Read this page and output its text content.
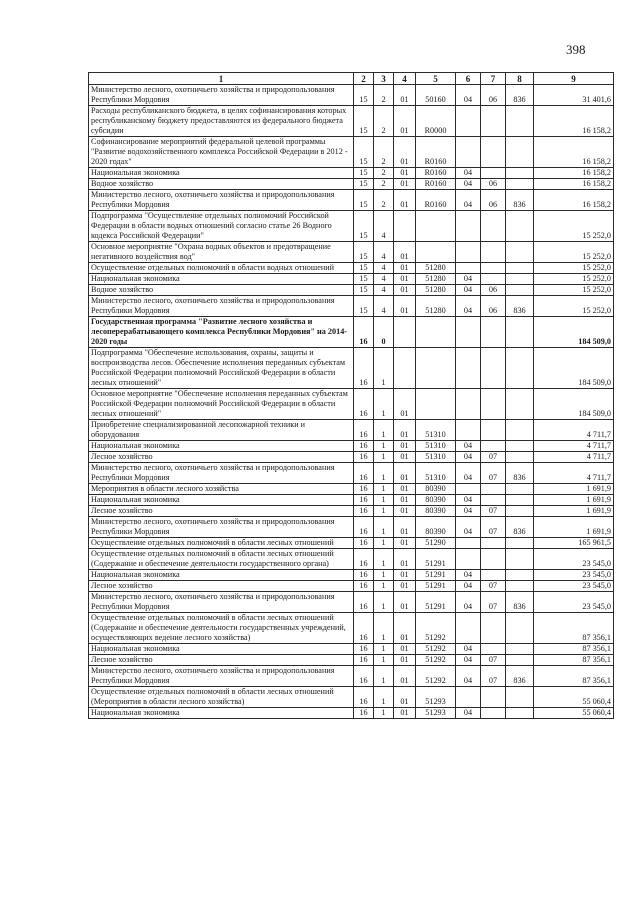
398
1	2	3	4	5	6	7	8	9
Министерство лесного, охотничьего хозяйства и природопользования Республики Мордовия	15	2	01	50160	04	06	836	31 401,6
Расходы республиканского бюджета, в целях софинансирования которых республиканскому бюджету предоставляются из федерального бюджета субсидии	15	2	01	R0000				16 158,2
Софинансирование мероприятий федеральной целевой программы "Развитие водохозяйственного комплекса Российской Федерации в 2012 - 2020 годах"	15	2	01	R0160				16 158,2
Национальная экономика	15	2	01	R0160	04			16 158,2
Водное хозяйство	15	2	01	R0160	04	06		16 158,2
Министерство лесного, охотничьего хозяйства и природопользования Республики Мордовия	15	2	01	R0160	04	06	836	16 158,2
Подпрограмма "Осуществление отдельных полномочий Российской Федерации в области водных отношений согласно статье 26 Водного кодекса Российской Федерации"	15	4						15 252,0
Основное мероприятие "Охрана водных объектов и предотвращение негативного воздействия вод"	15	4	01					15 252,0
Осуществление отдельных полномочий в области водных отношений	15	4	01	51280				15 252,0
Национальная экономика	15	4	01	51280	04			15 252,0
Водное хозяйство	15	4	01	51280	04	06		15 252,0
Министерство лесного, охотничьего хозяйства и природопользования Республики Мордовия	15	4	01	51280	04	06	836	15 252,0
Государственная программа "Развитие лесного хозяйства и лесоперерабатывающего комплекса Республики Мордовия" на 2014-2020 годы	16	0						184 509,0
Подпрограмма "Обеспечение использования, охраны, защиты и воспроизводства лесов. Обеспечение исполнения переданных субъектам Российской Федерации полномочий Российской Федерации в области лесных отношений"	16	1						184 509,0
Основное мероприятие "Обеспечение исполнения переданных субъектам Российской Федерации полномочий Российской Федерации в области лесных отношений"	16	1	01					184 509,0
Приобретение специализированной лесопожарной техники и оборудования	16	1	01	51310				4 711,7
Национальная экономика	16	1	01	51310	04			4 711,7
Лесное хозяйство	16	1	01	51310	04	07		4 711,7
Министерство лесного, охотничьего хозяйства и природопользования Республики Мордовия	16	1	01	51310	04	07	836	4 711,7
Мероприятия в области лесного хозяйства	16	1	01	80390				1 691,9
Национальная экономика	16	1	01	80390	04			1 691,9
Лесное хозяйство	16	1	01	80390	04	07		1 691,9
Министерство лесного, охотничьего хозяйства и природопользования Республики Мордовия	16	1	01	80390	04	07	836	1 691,9
Осуществление отдельных полномочий в области лесных отношений	16	1	01	51290				165 961,5
Осуществление отдельных полномочий в области лесных отношений (Содержание и обеспечение деятельности государственного органа)	16	1	01	51291				23 545,0
Национальная экономика	16	1	01	51291	04			23 545,0
Лесное хозяйство	16	1	01	51291	04	07		23 545,0
Министерство лесного, охотничьего хозяйства и природопользования Республики Мордовия	16	1	01	51291	04	07	836	23 545,0
Осуществление отдельных полномочий в области лесных отношений (Содержание и обеспечение деятельности государственных учреждений, осуществляющих ведение лесного хозяйства)	16	1	01	51292				87 356,1
Национальная экономика	16	1	01	51292	04			87 356,1
Лесное хозяйство	16	1	01	51292	04	07		87 356,1
Министерство лесного, охотничьего хозяйства и природопользования Республики Мордовия	16	1	01	51292	04	07	836	87 356,1
Осуществление отдельных полномочий в области лесных отношений (Мероприятия в области лесного хозяйства)	16	1	01	51293				55 060,4
Национальная экономика	16	1	01	51293	04			55 060,4
